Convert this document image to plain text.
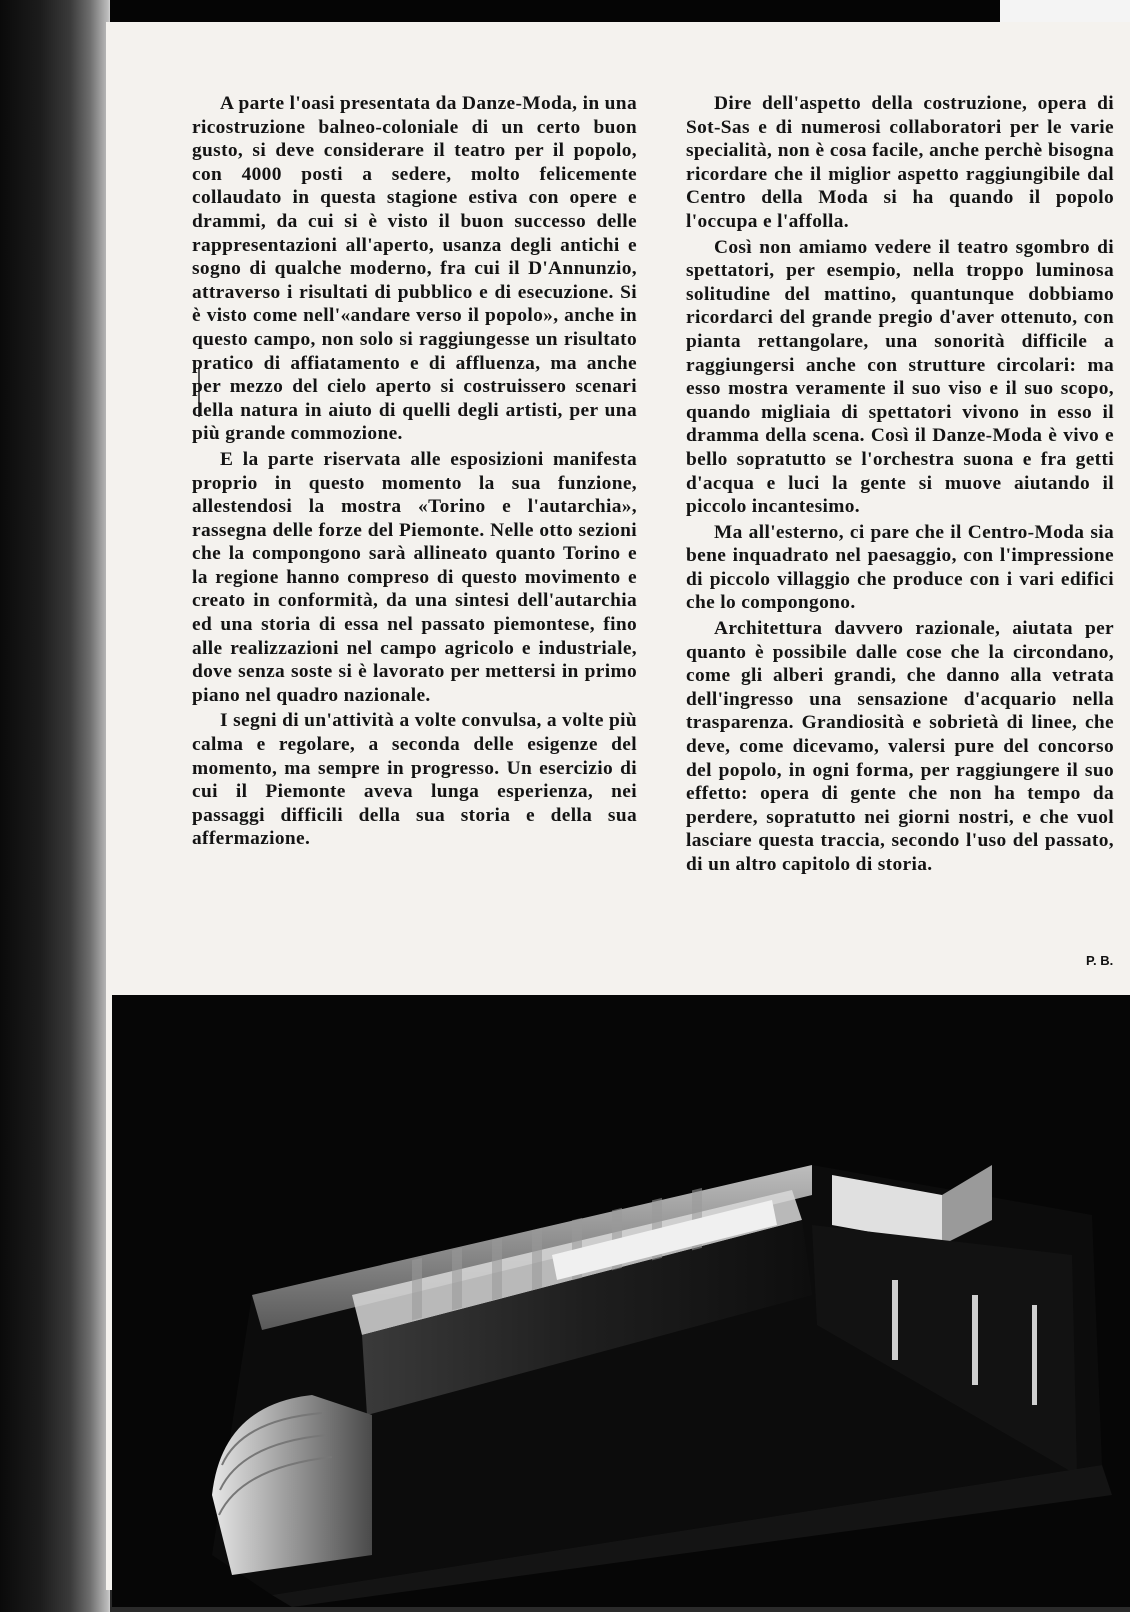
A parte l'oasi presentata da Danze-Moda, in una ricostruzione balneo-coloniale di un certo buon gusto, si deve considerare il teatro per il popolo, con 4000 posti a sedere, molto felicemente collaudato in questa stagione estiva con opere e drammi, da cui si è visto il buon successo delle rappresentazioni all'aperto, usanza degli antichi e sogno di qualche moderno, fra cui il D'Annunzio, attraverso i risultati di pubblico e di esecuzione. Si è visto come nell'«andare verso il popolo», anche in questo campo, non solo si raggiungesse un risultato pratico di affiatamento e di affluenza, ma anche per mezzo del cielo aperto si costruissero scenari della natura in aiuto di quelli degli artisti, per una più grande commozione.

E la parte riservata alle esposizioni manifesta proprio in questo momento la sua funzione, allestendosi la mostra «Torino e l'autarchia», rassegna delle forze del Piemonte. Nelle otto sezioni che la compongono sarà allineato quanto Torino e la regione hanno compreso di questo movimento e creato in conformità, da una sintesi dell'autarchia ed una storia di essa nel passato piemontese, fino alle realizzazioni nel campo agricolo e industriale, dove senza soste si è lavorato per mettersi in primo piano nel quadro nazionale.

I segni di un'attività a volte convulsa, a volte più calma e regolare, a seconda delle esigenze del momento, ma sempre in progresso. Un esercizio di cui il Piemonte aveva lunga esperienza, nei passaggi difficili della sua storia e della sua affermazione.

Dire dell'aspetto della costruzione, opera di Sot-Sas e di numerosi collaboratori per le varie specialità, non è cosa facile, anche perchè bisogna ricordare che il miglior aspetto raggiungibile dal Centro della Moda si ha quando il popolo l'occupa e l'affolla.

Così non amiamo vedere il teatro sgombro di spettatori, per esempio, nella troppo luminosa solitudine del mattino, quantunque dobbiamo ricordarci del grande pregio d'aver ottenuto, con pianta rettangolare, una sonorità difficile a raggiungersi anche con strutture circolari: ma esso mostra veramente il suo viso e il suo scopo, quando migliaia di spettatori vivono in esso il dramma della scena. Così il Danze-Moda è vivo e bello sopratutto se l'orchestra suona e fra getti d'acqua e luci la gente si muove aiutando il piccolo incantesimo.

Ma all'esterno, ci pare che il Centro-Moda sia bene inquadrato nel paesaggio, con l'impressione di piccolo villaggio che produce con i vari edifici che lo compongono.

Architettura davvero razionale, aiutata per quanto è possibile dalle cose che la circondano, come gli alberi grandi, che danno alla vetrata dell'ingresso una sensazione d'acquario nella trasparenza. Grandiosità e sobrietà di linee, che deve, come dicevamo, valersi pure del concorso del popolo, in ogni forma, per raggiungere il suo effetto: opera di gente che non ha tempo da perdere, sopratutto nei giorni nostri, e che vuol lasciare questa traccia, secondo l'uso del passato, di un altro capitolo di storia.

P. B.
